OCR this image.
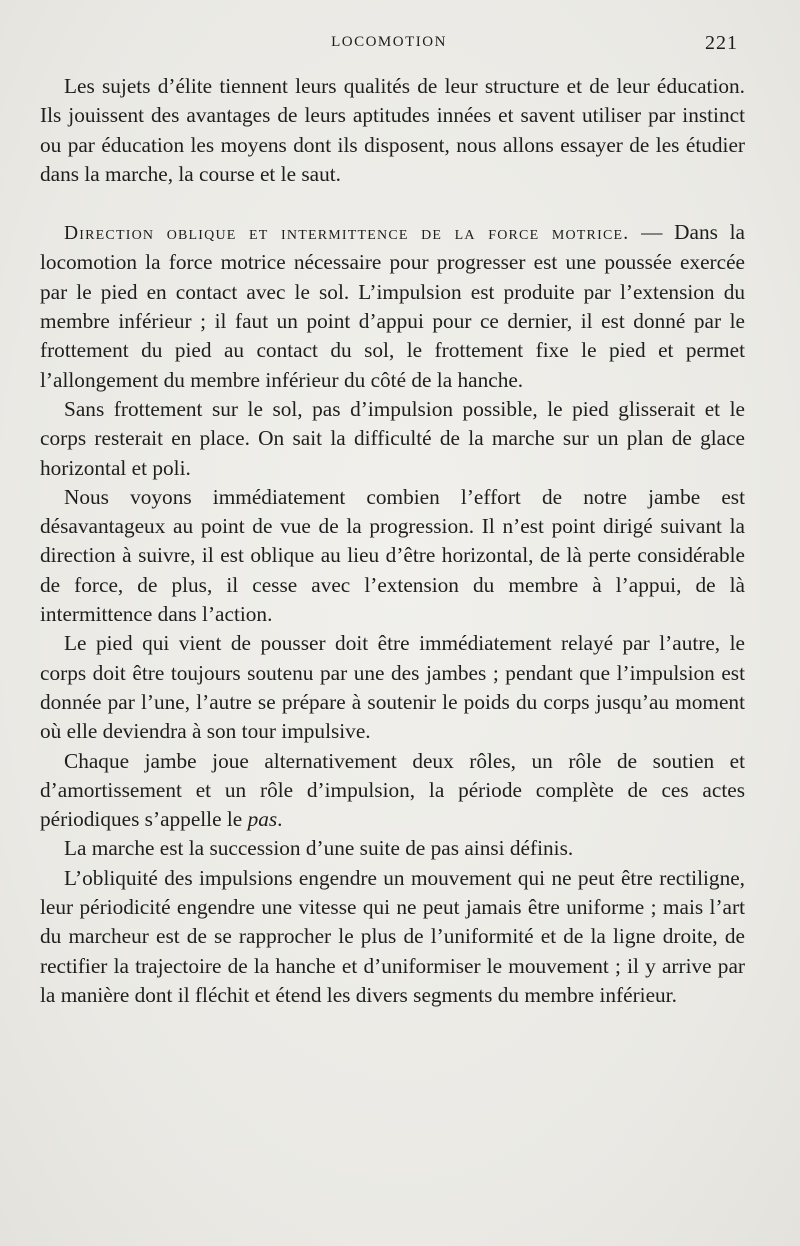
LOCOMOTION	221

Les sujets d’élite tiennent leurs qualités de leur structure et de leur éducation. Ils jouissent des avantages de leurs aptitudes innées et savent utiliser par instinct ou par éducation les moyens dont ils disposent, nous allons essayer de les étudier dans la marche, la course et le saut.

Direction oblique et intermittence de la force motrice. — Dans la locomotion la force motrice nécessaire pour progresser est une poussée exercée par le pied en contact avec le sol. L’impulsion est produite par l’extension du membre inférieur ; il faut un point d’appui pour ce dernier, il est donné par le frottement du pied au contact du sol, le frottement fixe le pied et permet l’allongement du membre inférieur du côté de la hanche.

Sans frottement sur le sol, pas d’impulsion possible, le pied glisserait et le corps resterait en place. On sait la difficulté de la marche sur un plan de glace horizontal et poli.

Nous voyons immédiatement combien l’effort de notre jambe est désavantageux au point de vue de la progression. Il n’est point dirigé suivant la direction à suivre, il est oblique au lieu d’être horizontal, de là perte considérable de force, de plus, il cesse avec l’extension du membre à l’appui, de là intermittence dans l’action.

Le pied qui vient de pousser doit être immédiatement relayé par l’autre, le corps doit être toujours soutenu par une des jambes ; pendant que l’impulsion est donnée par l’une, l’autre se prépare à soutenir le poids du corps jusqu’au moment où elle deviendra à son tour impulsive.

Chaque jambe joue alternativement deux rôles, un rôle de soutien et d’amortissement et un rôle d’impulsion, la période complète de ces actes périodiques s’appelle le pas.

La marche est la succession d’une suite de pas ainsi définis.

L’obliquité des impulsions engendre un mouvement qui ne peut être rectiligne, leur périodicité engendre une vitesse qui ne peut jamais être uniforme ; mais l’art du marcheur est de se rapprocher le plus de l’uniformité et de la ligne droite, de rectifier la trajectoire de la hanche et d’uniformiser le mouvement ; il y arrive par la manière dont il fléchit et étend les divers segments du membre inférieur.
